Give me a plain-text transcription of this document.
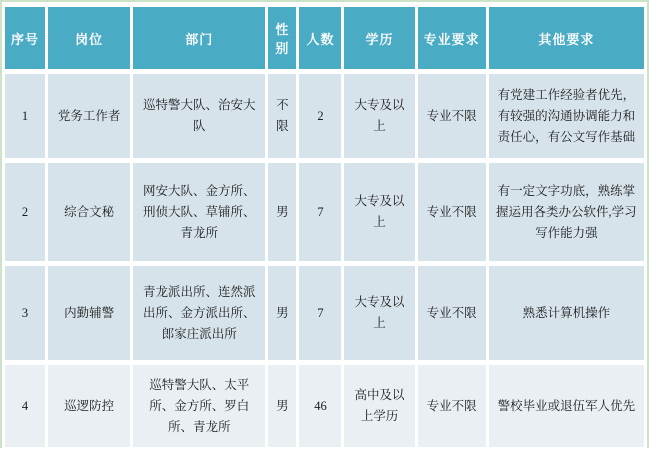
序号	岗位	部门	性别	人数	学历	专业要求	其他要求
1	党务工作者	巡特警大队、治安大队	不限	2	大专及以上	专业不限	有党建工作经验者优先，有较强的沟通协调能力和责任心，有公文写作基础
2	综合文秘	网安大队、金方所、刑侦大队、草铺所、青龙所	男	7	大专及以上	专业不限	有一定文字功底，熟练掌握运用各类办公软件,学习写作能力强
3	内勤辅警	青龙派出所、连然派出所、金方派出所、郎家庄派出所	男	7	大专及以上	专业不限	熟悉计算机操作
4	巡逻防控	巡特警大队、太平所、金方所、罗白所、青龙所	男	46	高中及以上学历	专业不限	警校毕业或退伍军人优先
